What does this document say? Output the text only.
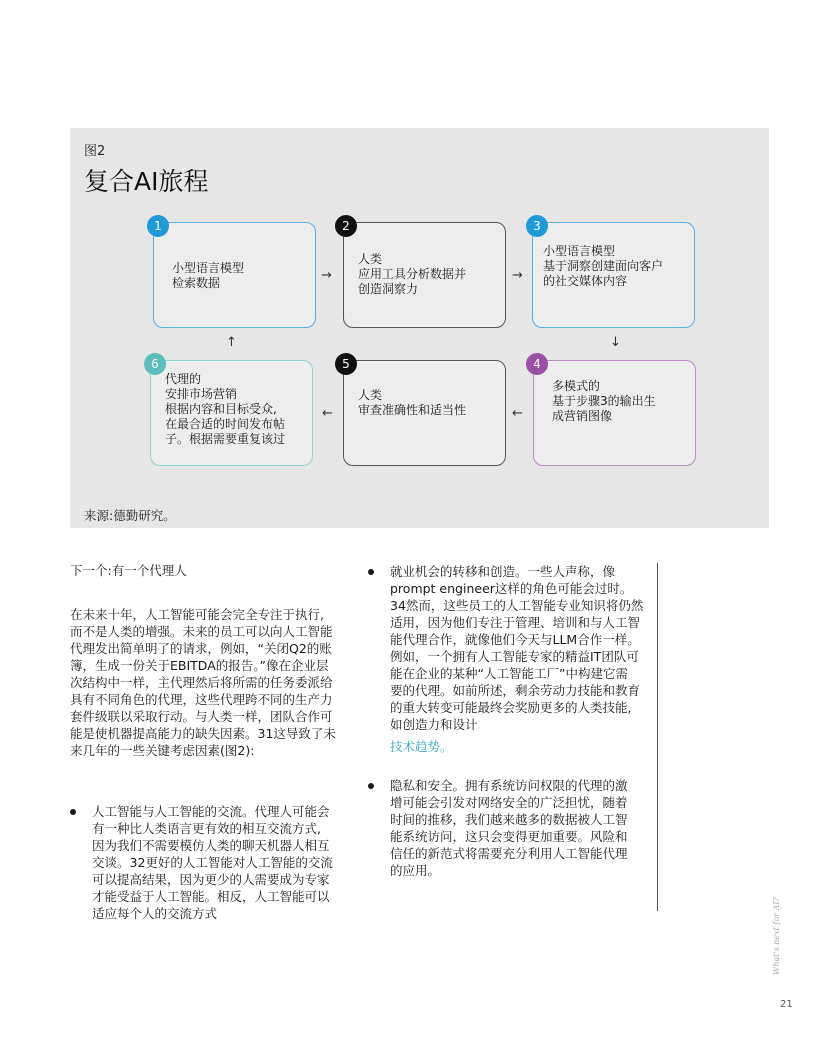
图2
复合AI旅程
小型语言模型
检索数据
1
人类
应用工具分析数据并
创造洞察力
2
小型语言模型
基于洞察创建面向客户
的社交媒体内容
3
多模式的
基于步骤3的输出生
成营销图像
4
人类
审查准确性和适当性
5
代理的
安排市场营销
根据内容和目标受众,
在最合适的时间发布帖
子。根据需要重复该过
6
→	→
↓
←
←
↑
来源:德勤研究。
下一个:有一个代理人
在未来十年，人工智能可能会完全专注于执行,
而不是人类的增强。未来的员工可以向人工智能
代理发出简单明了的请求，例如，“关闭Q2的账
簿，生成一份关于EBITDA的报告。”像在企业层
次结构中一样，主代理然后将所需的任务委派给
具有不同角色的代理，这些代理跨不同的生产力
套件级联以采取行动。与人类一样，团队合作可
能是使机器提高能力的缺失因素。31这导致了未
来几年的一些关键考虑因素(图2):
人工智能与人工智能的交流。代理人可能会
有一种比人类语言更有效的相互交流方式,
因为我们不需要模仿人类的聊天机器人相互
交谈。32更好的人工智能对人工智能的交流
可以提高结果，因为更少的人需要成为专家
才能受益于人工智能。相反，人工智能可以
适应每个人的交流方式
就业机会的转移和创造。一些人声称，像
prompt engineer这样的角色可能会过时。
34然而，这些员工的人工智能专业知识将仍然
适用，因为他们专注于管理、培训和与人工智
能代理合作，就像他们今天与LLM合作一样。
例如，一个拥有人工智能专家的精益IT团队可
能在企业的某种“人工智能工厂”中构建它需
要的代理。如前所述，剩余劳动力技能和教育
的重大转变可能最终会奖励更多的人类技能,
如创造力和设计
技术趋势。
隐私和安全。拥有系统访问权限的代理的激
增可能会引发对网络安全的广泛担忧，随着
时间的推移，我们越来越多的数据被人工智
能系统访问，这只会变得更加重要。风险和
信任的新范式将需要充分利用人工智能代理
的应用。
What's next for AI?
21
